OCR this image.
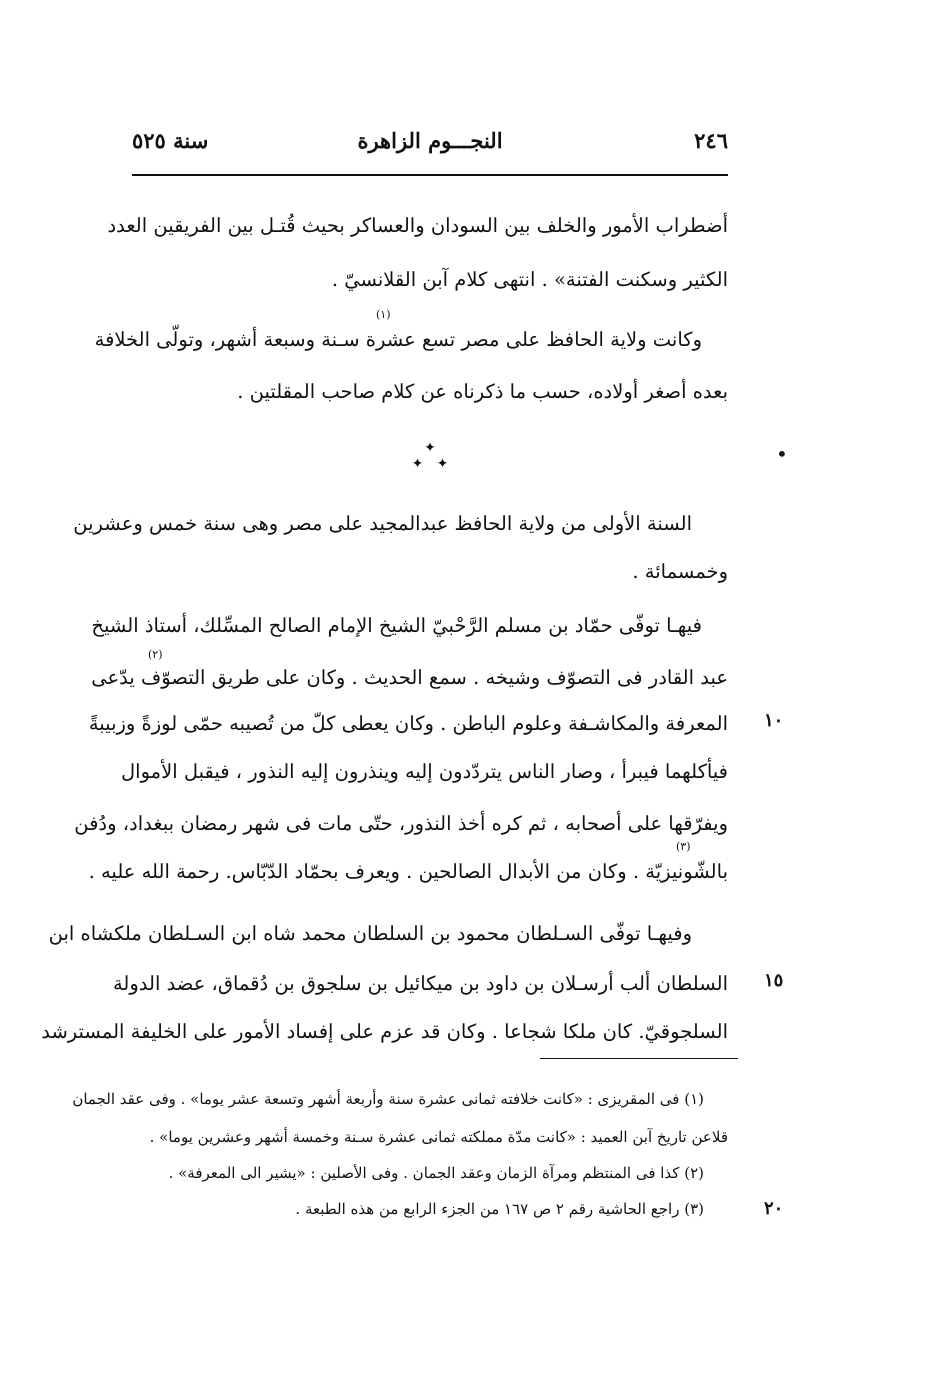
٢٤٦
النجـــوم الزاهرة
سنة ٥٢٥
أضطراب الأمور والخلف بين السودان والعساكر بحيث قُتـل بين الفريقين العدد
الكثير وسكنت الفتنة» . انتهى كلام آبن القلانسيّ .
(١)
وكانت ولاية الحافظ على مصر تسع عشرة سـنة وسبعة أشهر، وتولّى الخلافة
بعده أصغر أولاده، حسب ما ذكرناه عن كلام صاحب المقلتين .
✦
✦ ✦	•
السنة الأولى من ولاية الحافظ عبدالمجيد على مصر وهى سنة خمس وعشرين
وخمسمائة .
فيهـا توفّى حمّاد بن مسلم الرَّحْبيّ الشيخ الإمام الصالح المسِّلك، أستاذ الشيخ
(٢)
عبد القادر فى التصوّف وشيخه . سمع الحديث . وكان على طريق التصوّف يدّعى
المعرفة والمكاشـفة وعلوم الباطن . وكان يعطى كلّ من تُصيبه حمّى لوزةً وزبيبةً
فيأكلهما فيبرأ ، وصار الناس يتردّدون إليه وينذرون إليه النذور ، فيقبل الأموال
ويفرّقها على أصحابه ، ثم كره أخذ النذور، حتّى مات فى شهر رمضان ببغداد، ودُفن
(٣)
بالشّونيزيّة . وكان من الأبدال الصالحين . ويعرف بحمّاد الدّبّاس. رحمة الله عليه .
وفيهـا توفّى السـلطان محمود بن السلطان محمد شاه ابن السـلطان ملكشاه ابن
السلطان ألب أرسـلان بن داود بن ميكائيل بن سلجوق بن دُقماق، عضد الدولة
السلجوقيّ. كان ملكا شجاعا . وكان قد عزم على إفساد الأمور على الخليفة المسترشد
١٠
١٥
٢٠
(١) فى المقريزى : «كانت خلافته ثمانى عشرة سنة وأربعة أشهر وتسعة عشر يوما» . وفى عقد الجمان
قلاعن تاريخ آبن العميد : «كانت مدّة مملكته ثمانى عشرة سـنة وخمسة أشهر وعشرين يوما» .
(٢) كذا فى المنتظم ومرآة الزمان وعقد الجمان . وفى الأصلين : «يشير الى المعرفة» .
(٣) راجع الحاشية رقم ٢ ص ١٦٧ من الجزء الرابع من هذه الطبعة .
